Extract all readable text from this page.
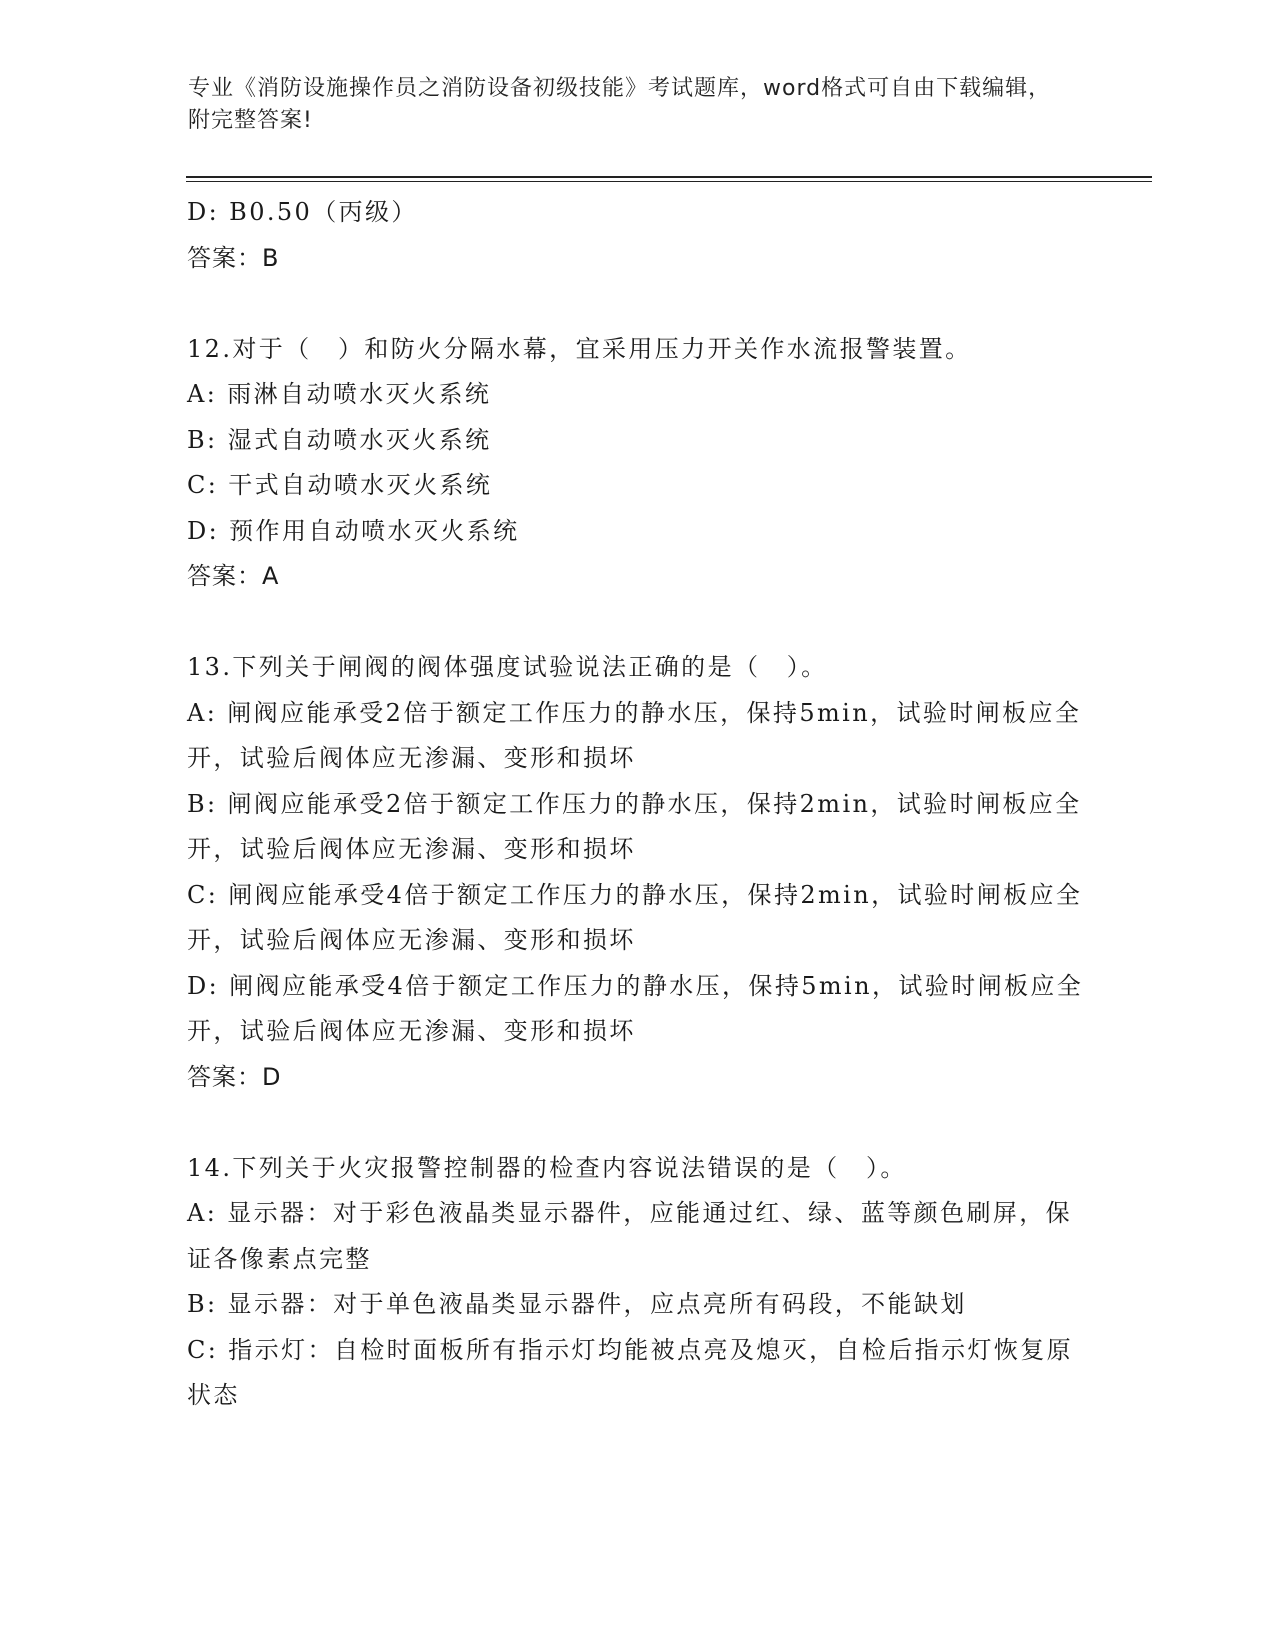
专业《消防设施操作员之消防设备初级技能》考试题库，word格式可自由下载编辑，附完整答案!
D: B0.50（丙级）
答案：B
12.对于（　）和防火分隔水幕，宜采用压力开关作水流报警装置。
A: 雨淋自动喷水灭火系统
B: 湿式自动喷水灭火系统
C: 干式自动喷水灭火系统
D: 预作用自动喷水灭火系统
答案：A
13.下列关于闸阀的阀体强度试验说法正确的是（　）。
A: 闸阀应能承受2倍于额定工作压力的静水压，保持5min，试验时闸板应全开，试验后阀体应无渗漏、变形和损坏
B: 闸阀应能承受2倍于额定工作压力的静水压，保持2min，试验时闸板应全开，试验后阀体应无渗漏、变形和损坏
C: 闸阀应能承受4倍于额定工作压力的静水压，保持2min，试验时闸板应全开，试验后阀体应无渗漏、变形和损坏
D: 闸阀应能承受4倍于额定工作压力的静水压，保持5min，试验时闸板应全开，试验后阀体应无渗漏、变形和损坏
答案：D
14.下列关于火灾报警控制器的检查内容说法错误的是（　）。
A: 显示器：对于彩色液晶类显示器件，应能通过红、绿、蓝等颜色刷屏，保证各像素点完整
B: 显示器：对于单色液晶类显示器件，应点亮所有码段，不能缺划
C: 指示灯：自检时面板所有指示灯均能被点亮及熄灭，自检后指示灯恢复原状态
